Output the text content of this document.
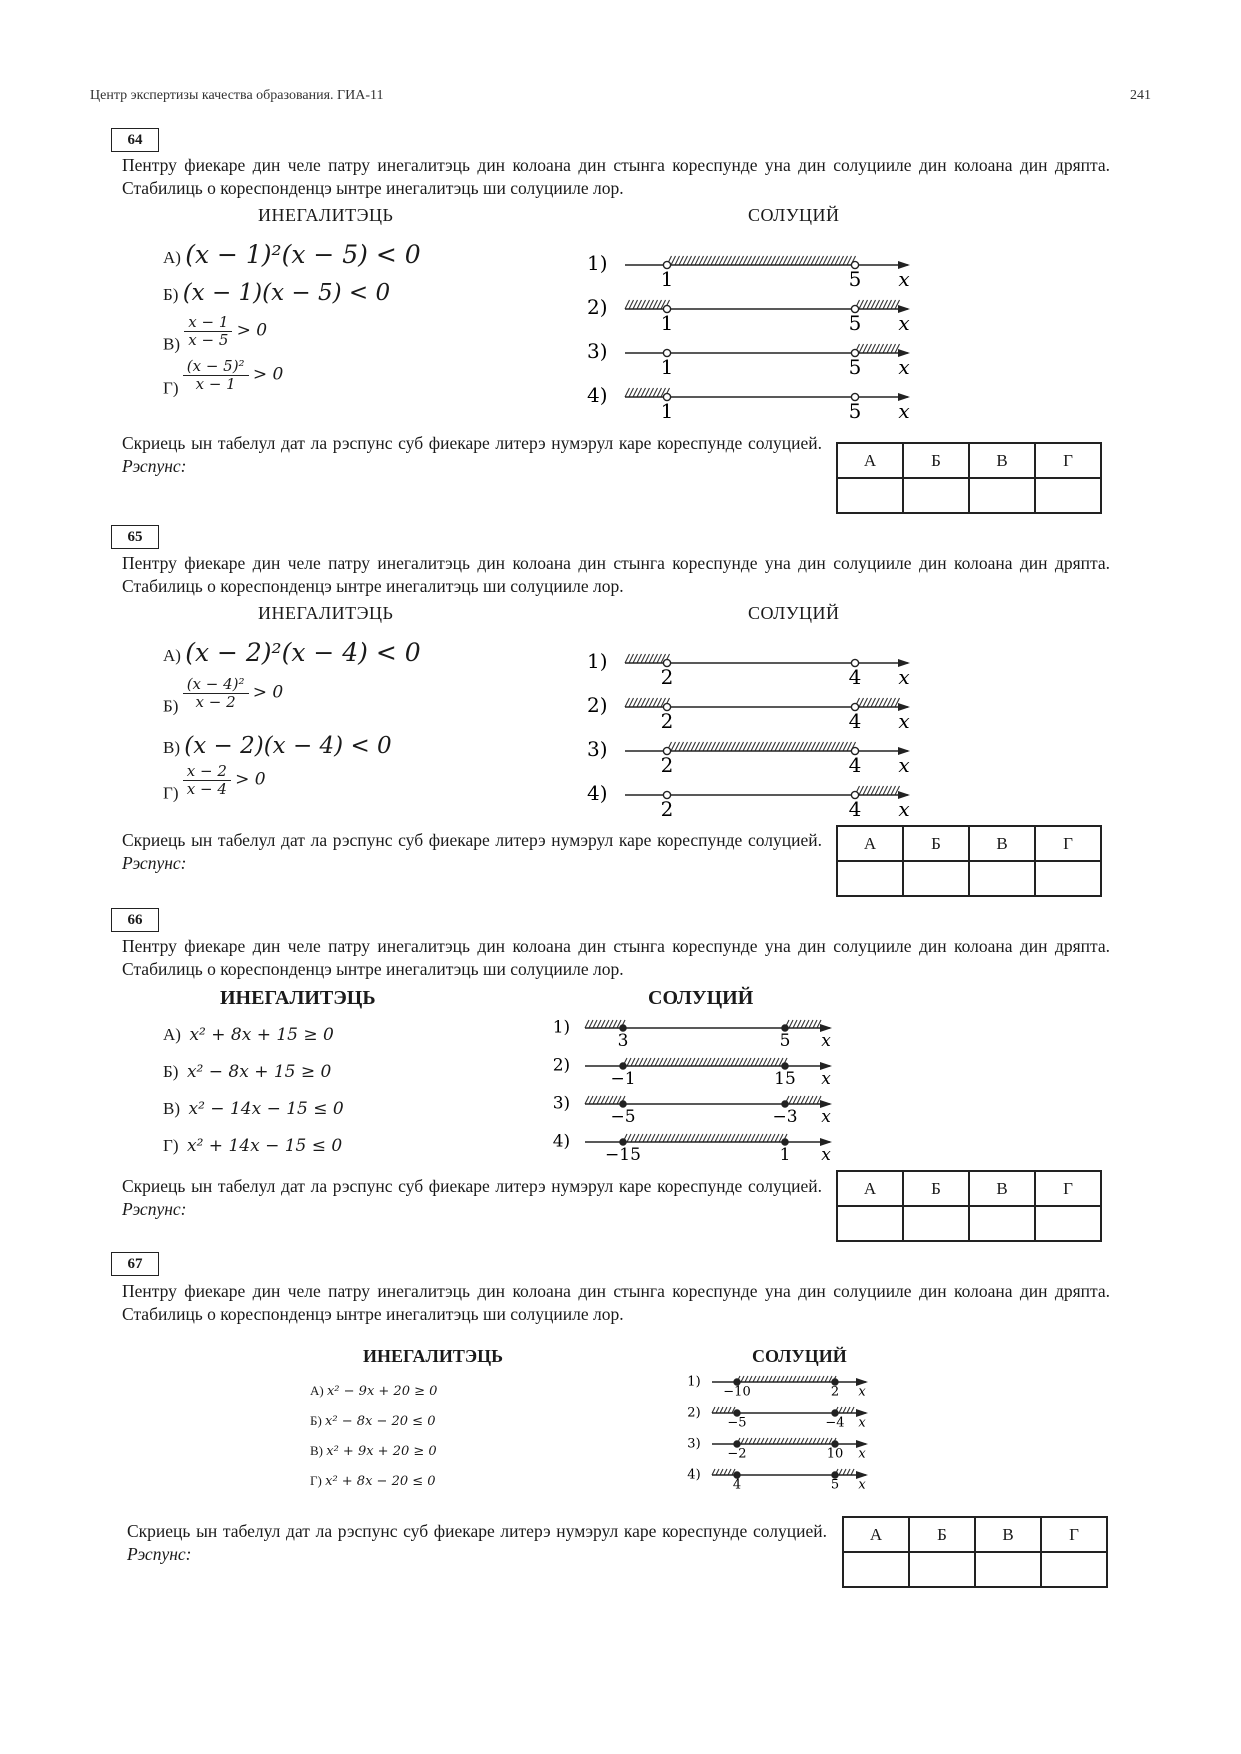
Центр экспертизы качества образования. ГИА-11	241
64
Пентру фиекаре дин челе патру инегалитэць дин колоана дин стынга кореспунде уна дин солуцииле дин колоана дин дряпта. Стабилиць о кореспонденцэ ынтре инегалитэць ши солуцииле лор.
ИНЕГАЛИТЭЦЬ	СОЛУЦИЙ
А) (x − 1)²(x − 5) < 0
Б) (x − 1)(x − 5) < 0
$В) \frac{x - 1}{x - 5} > 0$
$Г) \frac{\text{(x − 5)²}}{x - 1} > 0$
1)
1	5 x
2)
1	5 x
3)
1	5 x
4)
1	5 x
Скриець ын табелул дат ла рэспунс суб фиекаре литерэ нумэрул каре кореспунде солуцией. Рэспунс:	А	Б	В	Г

65
Пентру фиекаре дин челе патру инегалитэць дин колоана дин стынга кореспунде уна дин солуцииле дин колоана дин дряпта. Стабилиць о кореспонденцэ ынтре инегалитэць ши солуцииле лор.
ИНЕГАЛИТЭЦЬ	СОЛУЦИЙ
А) (x − 2)²(x − 4) < 0
$Б) \frac{\text{(x − 4)²}}{x - 2} > 0$
В) (x − 2)(x − 4) < 0
$Г) \frac{x - 2}{x - 4} > 0$
1)
2	4 x
2)
2	4 x
3)
2	4 x
4)
2	4 x
Скриець ын табелул дат ла рэспунс суб фиекаре литерэ нумэрул каре кореспунде солуцией. Рэспунс:
А	Б	В	Г

66
Пентру фиекаре дин челе патру инегалитэць дин колоана дин стынга кореспунде уна дин солуцииле дин колоана дин дряпта. Стабилиць о кореспонденцэ ынтре инегалитэць ши солуцииле лор.
ИНЕГАЛИТЭЦЬ	СОЛУЦИЙ
А) x² + 8x + 15 ≥ 0
Б) x² − 8x + 15 ≥ 0
В) x² − 14x − 15 ≤ 0
Г) x² + 14x − 15 ≤ 0
1)
3	5 x
2)
−1	15 x
3)
−5	−3 x
4)
−15	1 x
Скриець ын табелул дат ла рэспунс суб фиекаре литерэ нумэрул каре кореспунде солуцией. Рэспунс:
А	Б	В	Г

67
Пентру фиекаре дин челе патру инегалитэць дин колоана дин стынга кореспунде уна дин солуцииле дин колоана дин дряпта. Стабилиць о кореспонденцэ ынтре инегалитэць ши солуцииле лор.
ИНЕГАЛИТЭЦЬ	СОЛУЦИЙ
А) x² − 9x + 20 ≥ 0
Б) x² − 8x − 20 ≤ 0
В) x² + 9x + 20 ≥ 0
Г) x² + 8x − 20 ≤ 0
1)
−10	2 x
2)
−5	−4 x
3)
−2	10 x
4)
4	5 x
Скриець ын табелул дат ла рэспунс суб фиекаре литерэ нумэрул каре кореспунде солуцией. Рэспунс:
А	Б	В	Г
